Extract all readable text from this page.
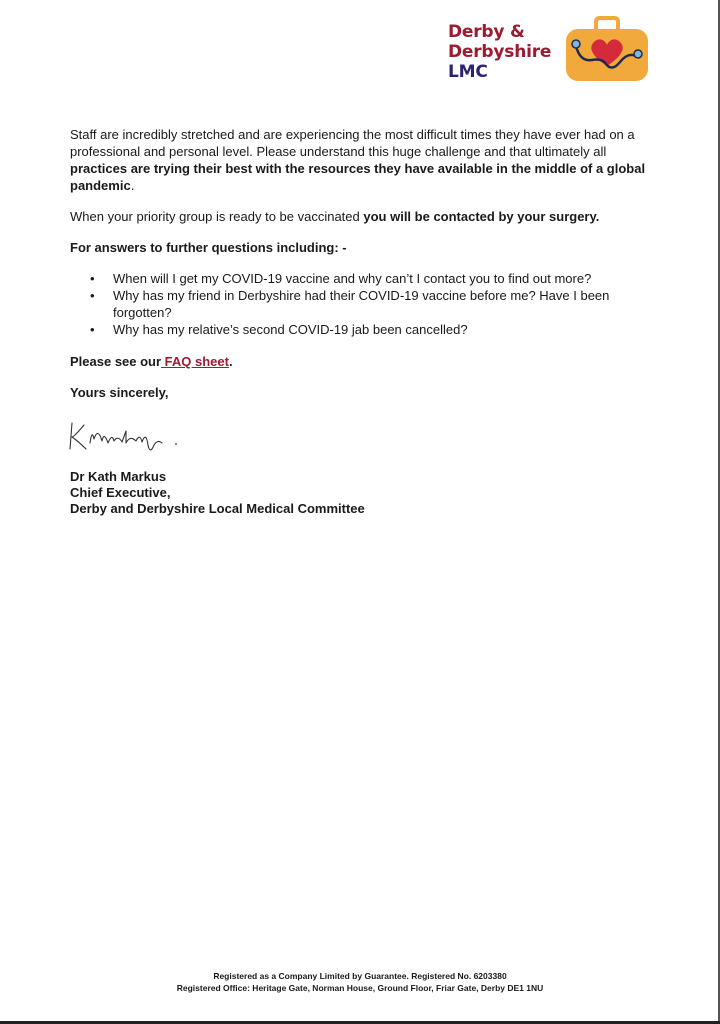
Derby &
Derbyshire
LMC

Staff are incredibly stretched and are experiencing the most difficult times they have ever had on a professional and personal level. Please understand this huge challenge and that ultimately all practices are trying their best with the resources they have available in the middle of a global pandemic.

When your priority group is ready to be vaccinated you will be contacted by your surgery.

For answers to further questions including: -

• When will I get my COVID-19 vaccine and why can’t I contact you to find out more?
• Why has my friend in Derbyshire had their COVID-19 vaccine before me? Have I been forgotten?
• Why has my relative’s second COVID-19 jab been cancelled?

Please see our FAQ sheet.

Yours sincerely,

Dr Kath Markus
Chief Executive,
Derby and Derbyshire Local Medical Committee
Registered as a Company Limited by Guarantee. Registered No. 6203380
Registered Office: Heritage Gate, Norman House, Ground Floor, Friar Gate, Derby DE1 1NU
